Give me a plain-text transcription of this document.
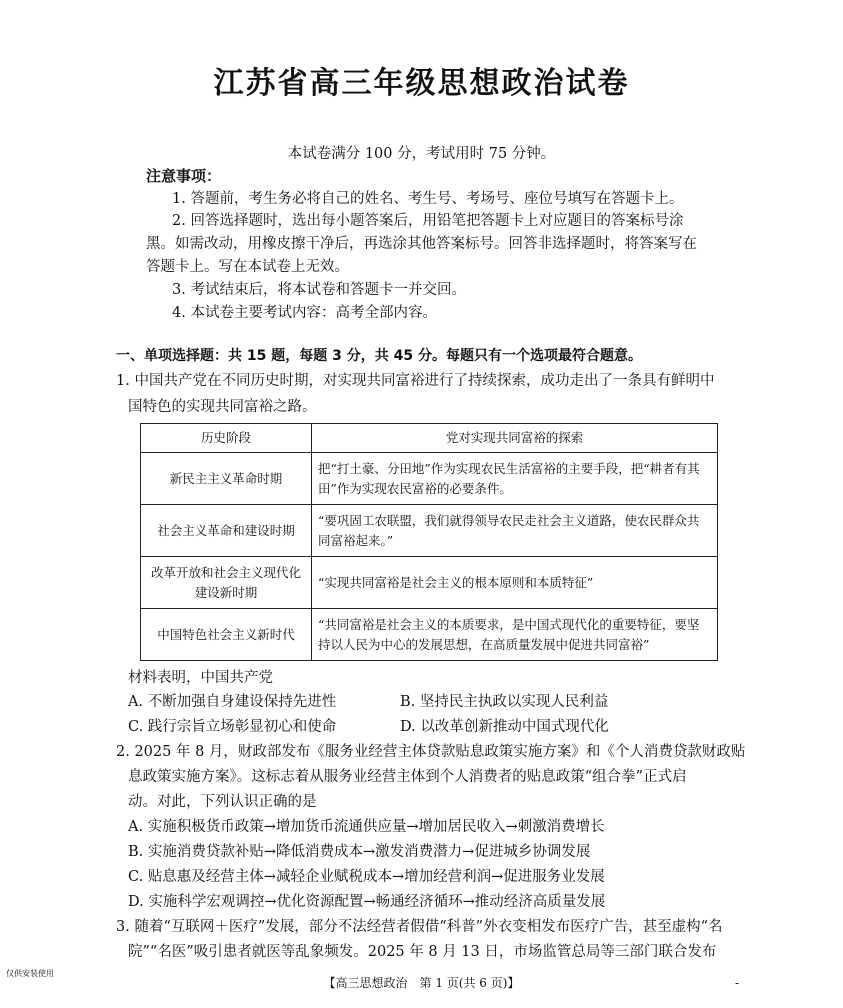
江苏省高三年级思想政治试卷
本试卷满分 100 分，考试用时 75 分钟。
注意事项：
1. 答题前，考生务必将自己的姓名、考生号、考场号、座位号填写在答题卡上。
2. 回答选择题时，选出每小题答案后，用铅笔把答题卡上对应题目的答案标号涂
黑。如需改动，用橡皮擦干净后，再选涂其他答案标号。回答非选择题时，将答案写在
答题卡上。写在本试卷上无效。
3. 考试结束后，将本试卷和答题卡一并交回。
4. 本试卷主要考试内容：高考全部内容。
一、单项选择题：共 15 题，每题 3 分，共 45 分。每题只有一个选项最符合题意。
1. 中国共产党在不同历史时期，对实现共同富裕进行了持续探索，成功走出了一条具有鲜明中
国特色的实现共同富裕之路。
历史阶段	党对实现共同富裕的探索
新民主主义革命时期	把“打土豪、分田地”作为实现农民生活富裕的主要手段，把“耕者有其田”作为实现农民富裕的必要条件。
社会主义革命和建设时期	“要巩固工农联盟，我们就得领导农民走社会主义道路，使农民群众共同富裕起来。”
改革开放和社会主义现代化建设新时期	“实现共同富裕是社会主义的根本原则和本质特征”
中国特色社会主义新时代	“共同富裕是社会主义的本质要求，是中国式现代化的重要特征，要坚持以人民为中心的发展思想，在高质量发展中促进共同富裕”
材料表明，中国共产党
A. 不断加强自身建设保持先进性	B. 坚持民主执政以实现人民利益
C. 践行宗旨立场彰显初心和使命	D. 以改革创新推动中国式现代化
2. 2025 年 8 月，财政部发布《服务业经营主体贷款贴息政策实施方案》和《个人消费贷款财政贴
息政策实施方案》。这标志着从服务业经营主体到个人消费者的贴息政策“组合拳”正式启
动。对此，下列认识正确的是
A. 实施积极货币政策→增加货币流通供应量→增加居民收入→刺激消费增长
B. 实施消费贷款补贴→降低消费成本→激发消费潜力→促进城乡协调发展
C. 贴息惠及经营主体→减轻企业赋税成本→增加经营利润→促进服务业发展
D. 实施科学宏观调控→优化资源配置→畅通经济循环→推动经济高质量发展
3. 随着“互联网＋医疗”发展，部分不法经营者假借“科普”外衣变相发布医疗广告，甚至虚构“名
院”“名医”吸引患者就医等乱象频发。2025 年 8 月 13 日，市场监管总局等三部门联合发布
仅供安装使用
【高三思想政治　第 1 页(共 6 页)】	-
